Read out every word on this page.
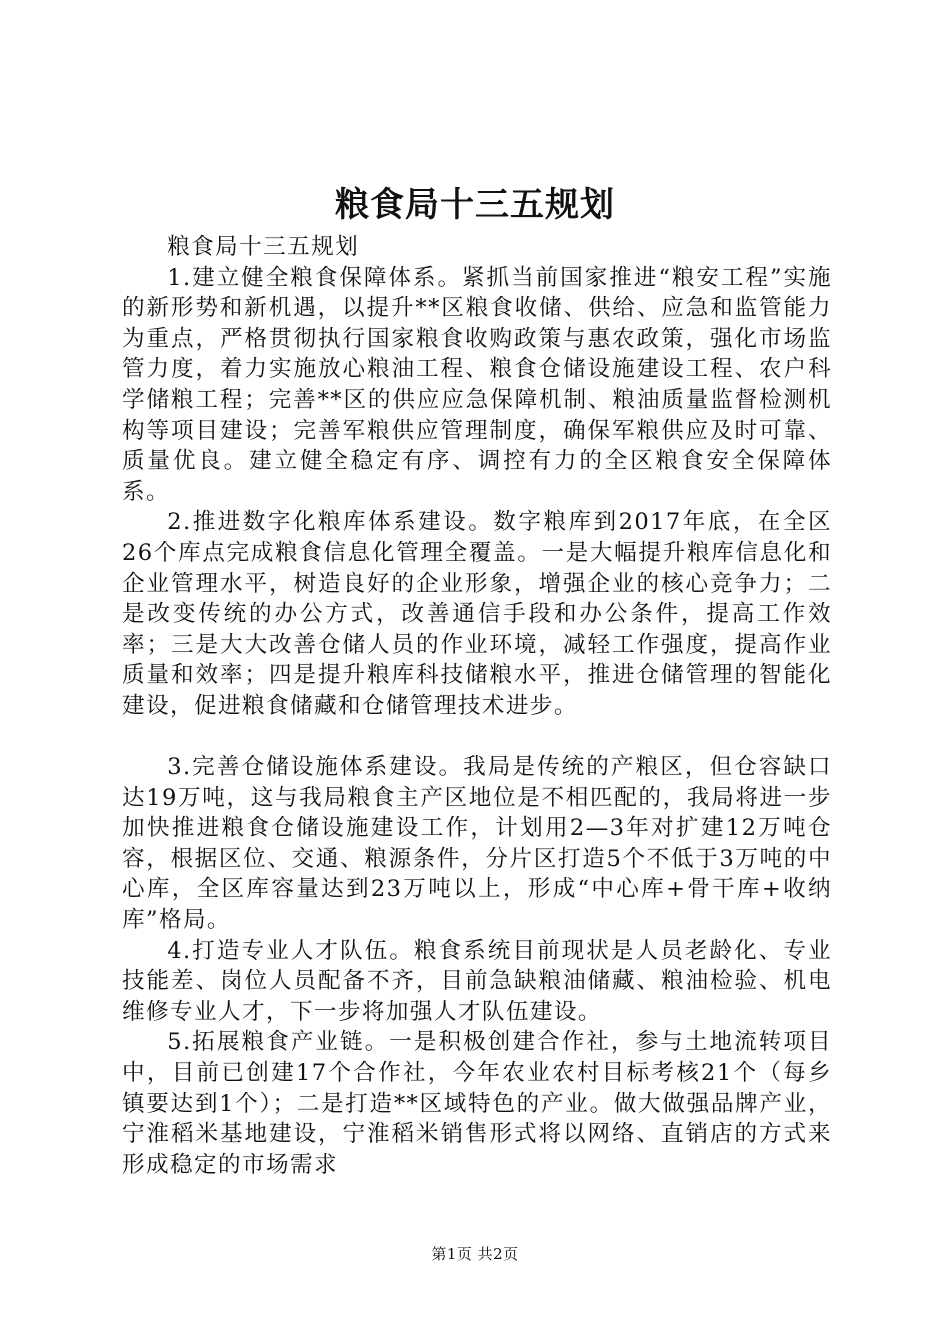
粮食局十三五规划

粮食局十三五规划

1.建立健全粮食保障体系。紧抓当前国家推进“粮安工程”实施的新形势和新机遇，以提升**区粮食收储、供给、应急和监管能力为重点，严格贯彻执行国家粮食收购政策与惠农政策，强化市场监管力度，着力实施放心粮油工程、粮食仓储设施建设工程、农户科学储粮工程；完善**区的供应应急保障机制、粮油质量监督检测机构等项目建设；完善军粮供应管理制度，确保军粮供应及时可靠、质量优良。建立健全稳定有序、调控有力的全区粮食安全保障体系。

2.推进数字化粮库体系建设。数字粮库到2017年底，在全区26个库点完成粮食信息化管理全覆盖。一是大幅提升粮库信息化和企业管理水平，树造良好的企业形象，增强企业的核心竞争力；二是改变传统的办公方式，改善通信手段和办公条件，提高工作效率；三是大大改善仓储人员的作业环境，减轻工作强度，提高作业质量和效率；四是提升粮库科技储粮水平，推进仓储管理的智能化建设，促进粮食储藏和仓储管理技术进步。

3.完善仓储设施体系建设。我局是传统的产粮区，但仓容缺口达19万吨，这与我局粮食主产区地位是不相匹配的，我局将进一步加快推进粮食仓储设施建设工作，计划用2—3年对扩建12万吨仓容，根据区位、交通、粮源条件，分片区打造5个不低于3万吨的中心库，全区库容量达到23万吨以上，形成“中心库+骨干库+收纳库”格局。

4.打造专业人才队伍。粮食系统目前现状是人员老龄化、专业技能差、岗位人员配备不齐，目前急缺粮油储藏、粮油检验、机电维修专业人才，下一步将加强人才队伍建设。

5.拓展粮食产业链。一是积极创建合作社，参与土地流转项目中，目前已创建17个合作社，今年农业农村目标考核21个（每乡镇要达到1个）；二是打造**区域特色的产业。做大做强品牌产业，宁淮稻米基地建设，宁淮稻米销售形式将以网络、直销店的方式来形成稳定的市场需求

第1页 共2页
